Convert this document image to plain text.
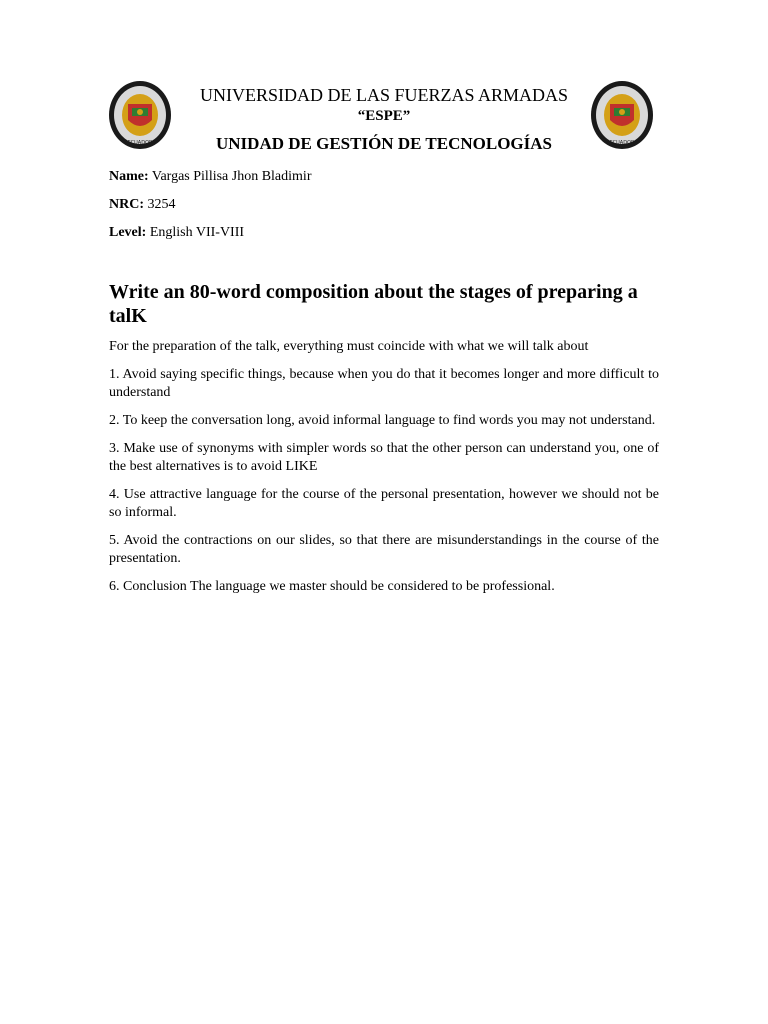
ECUADOR	ECUADOR
UNIVERSIDAD DE LAS FUERZAS ARMADAS
“ESPE”
UNIDAD DE GESTIÓN DE TECNOLOGÍAS
Name: Vargas Pillisa Jhon Bladimir
NRC: 3254
Level: English VII-VIII
Write an 80-word composition about the stages of preparing a talK

For the preparation of the talk, everything must coincide with what we will talk about

1. Avoid saying specific things, because when you do that it becomes longer and more difficult to understand

2. To keep the conversation long, avoid informal language to find words you may not understand.

3. Make use of synonyms with simpler words so that the other person can understand you, one of the best alternatives is to avoid LIKE

4. Use attractive language for the course of the personal presentation, however we should not be so informal.

5. Avoid the contractions on our slides, so that there are misunderstandings in the course of the presentation.

6. Conclusion The language we master should be considered to be professional.
